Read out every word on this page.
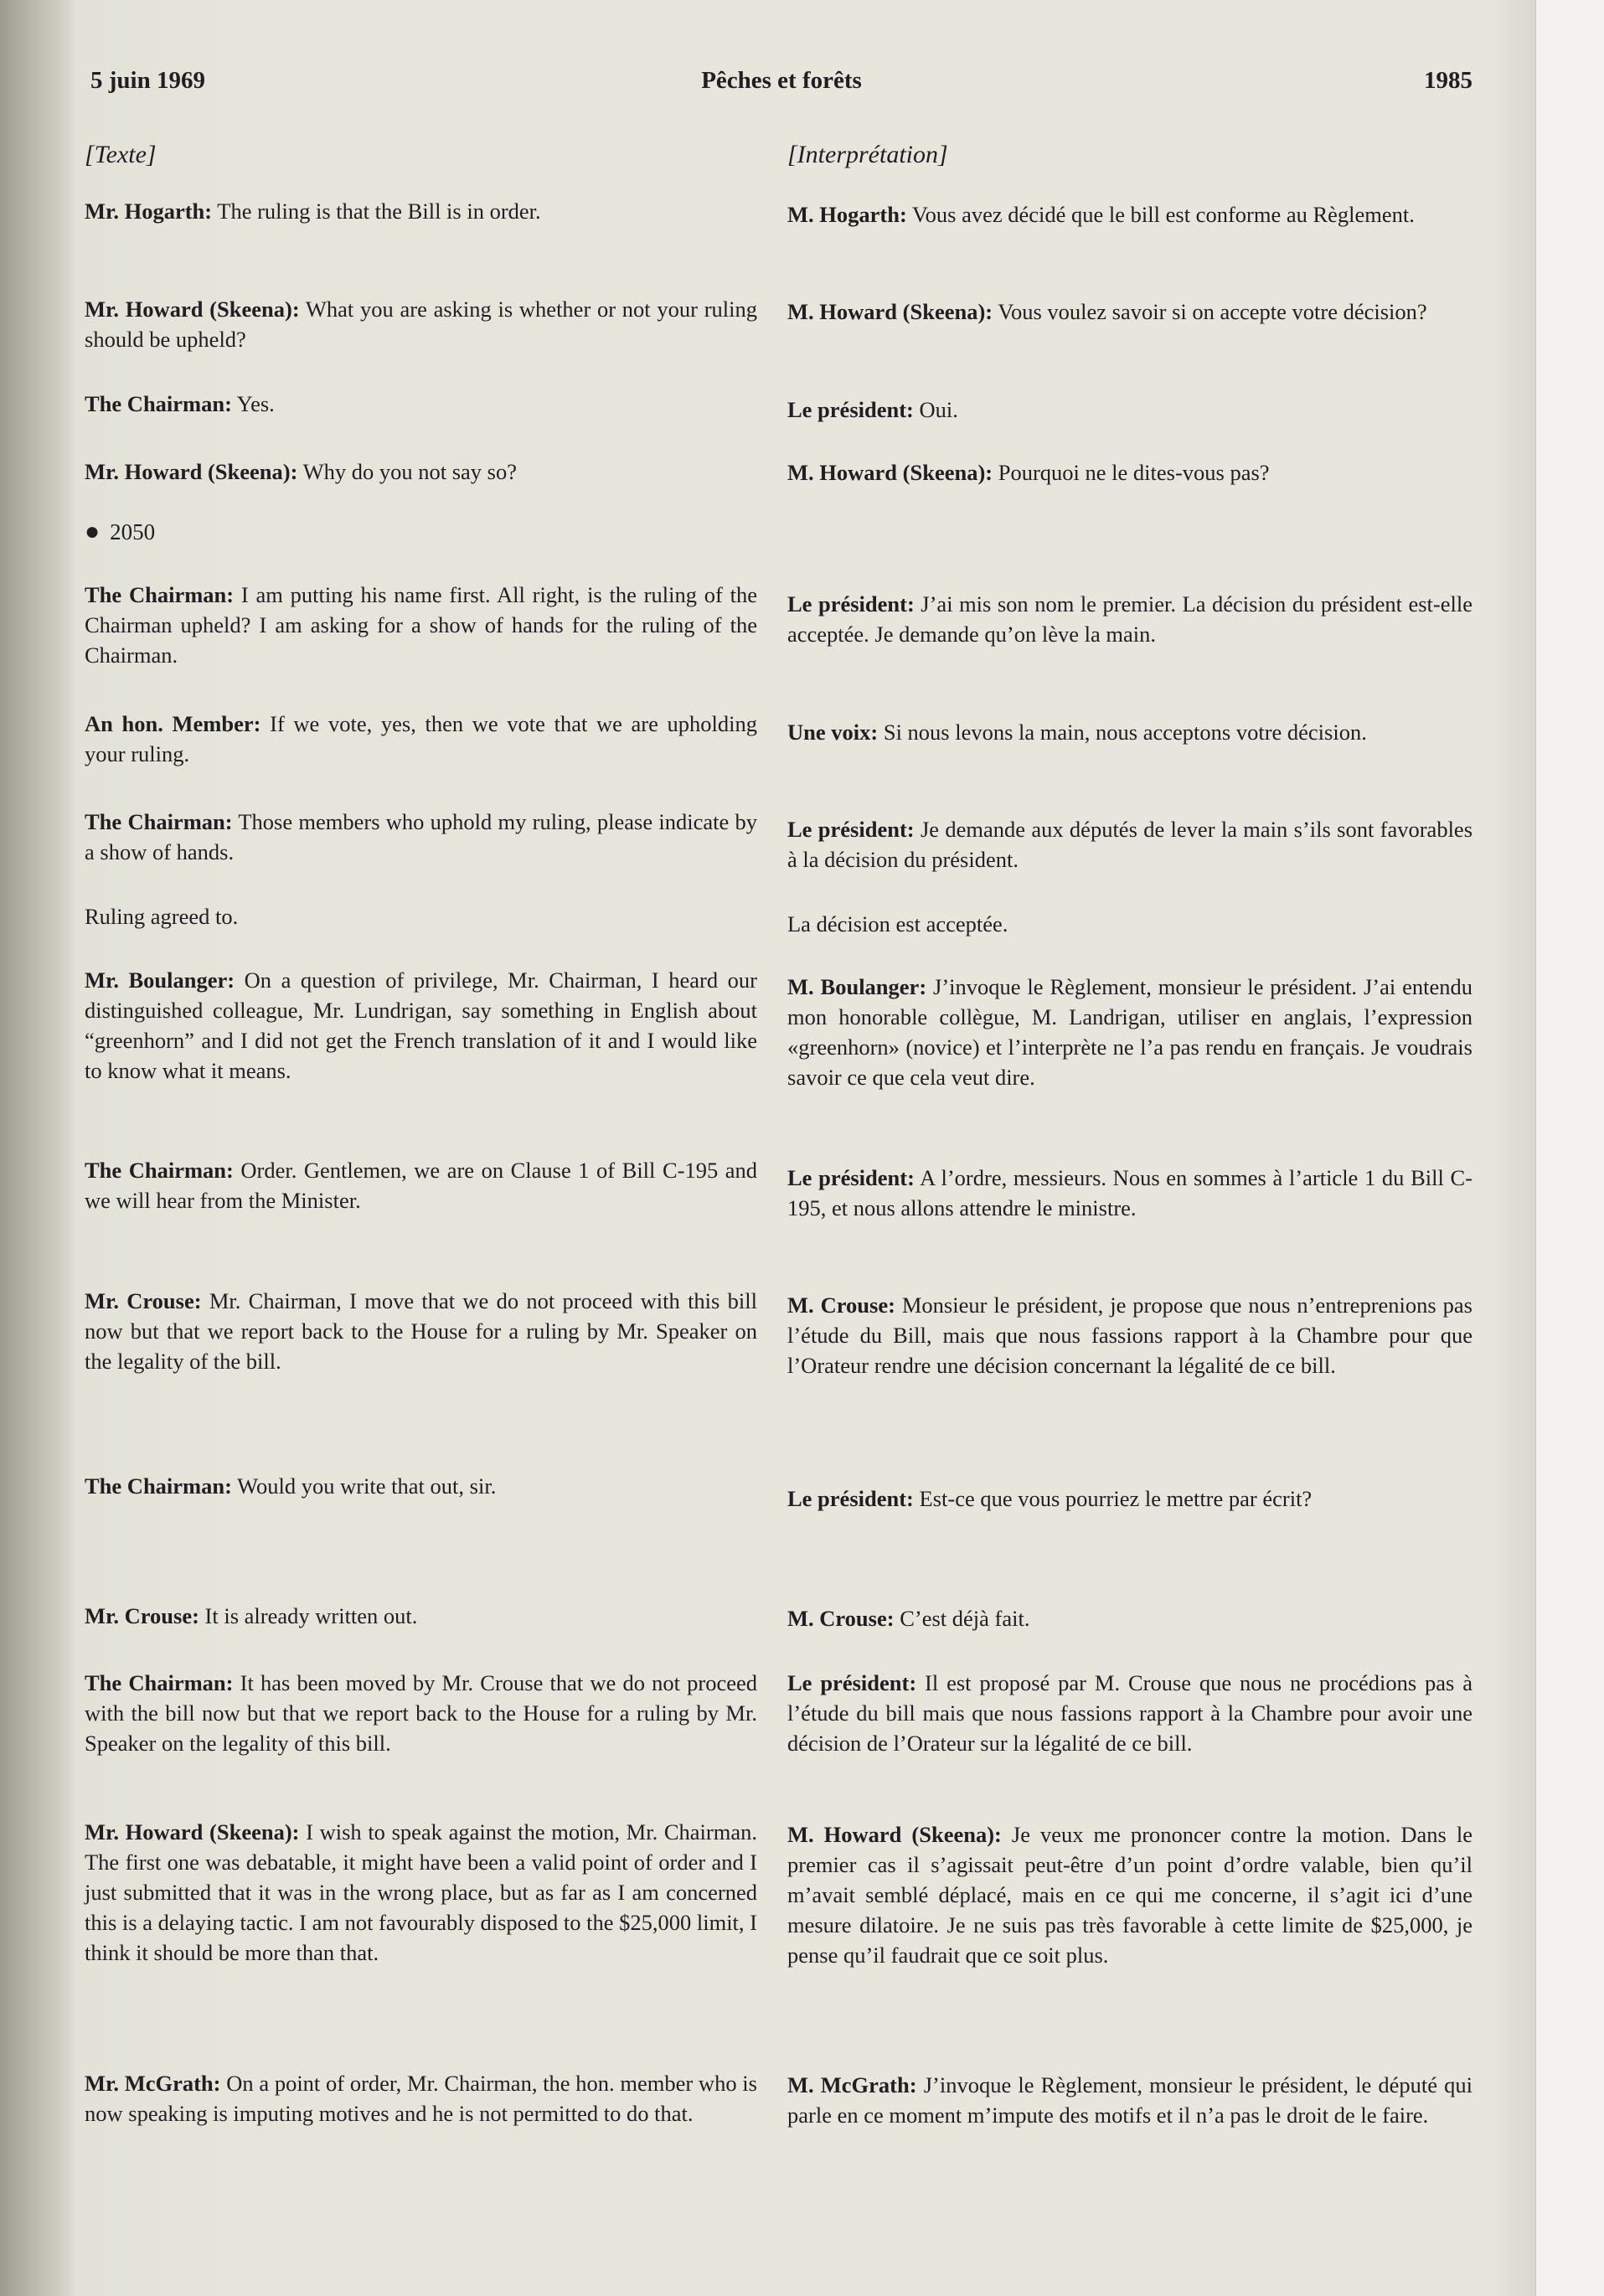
5 juin 1969	Pêches et forêts	1985
[Texte]
Mr. Hogarth: The ruling is that the Bill is in order.
Mr. Howard (Skeena): What you are asking is whether or not your ruling should be upheld?
The Chairman: Yes.
Mr. Howard (Skeena): Why do you not say so?
● 2050
The Chairman: I am putting his name first. All right, is the ruling of the Chairman upheld? I am asking for a show of hands for the ruling of the Chairman.
An hon. Member: If we vote, yes, then we vote that we are upholding your ruling.
The Chairman: Those members who uphold my ruling, please indicate by a show of hands.
Ruling agreed to.
Mr. Boulanger: On a question of privilege, Mr. Chairman, I heard our distinguished colleague, Mr. Lundrigan, say something in English about “greenhorn” and I did not get the French translation of it and I would like to know what it means.
The Chairman: Order. Gentlemen, we are on Clause 1 of Bill C-195 and we will hear from the Minister.
Mr. Crouse: Mr. Chairman, I move that we do not proceed with this bill now but that we report back to the House for a ruling by Mr. Speaker on the legality of the bill.
The Chairman: Would you write that out, sir.
Mr. Crouse: It is already written out.
The Chairman: It has been moved by Mr. Crouse that we do not proceed with the bill now but that we report back to the House for a ruling by Mr. Speaker on the legality of this bill.
Mr. Howard (Skeena): I wish to speak against the motion, Mr. Chairman. The first one was debatable, it might have been a valid point of order and I just submitted that it was in the wrong place, but as far as I am concerned this is a delaying tactic. I am not favourably disposed to the $25,000 limit, I think it should be more than that.
Mr. McGrath: On a point of order, Mr. Chairman, the hon. member who is now speaking is imputing motives and he is not permitted to do that.
[Interprétation]
M. Hogarth: Vous avez décidé que le bill est conforme au Règlement.
M. Howard (Skeena): Vous voulez savoir si on accepte votre décision?
Le président: Oui.
M. Howard (Skeena): Pourquoi ne le dites-vous pas?
Le président: J’ai mis son nom le premier. La décision du président est-elle acceptée. Je demande qu’on lève la main.
Une voix: Si nous levons la main, nous acceptons votre décision.
Le président: Je demande aux députés de lever la main s’ils sont favorables à la décision du président.
La décision est acceptée.
M. Boulanger: J’invoque le Règlement, monsieur le président. J’ai entendu mon honorable collègue, M. Landrigan, utiliser en anglais, l’expression «greenhorn» (novice) et l’interprète ne l’a pas rendu en français. Je voudrais savoir ce que cela veut dire.
Le président: A l’ordre, messieurs. Nous en sommes à l’article 1 du Bill C-195, et nous allons attendre le ministre.
M. Crouse: Monsieur le président, je propose que nous n’entreprenions pas l’étude du Bill, mais que nous fassions rapport à la Chambre pour que l’Orateur rendre une décision concernant la légalité de ce bill.
Le président: Est-ce que vous pourriez le mettre par écrit?
M. Crouse: C’est déjà fait.
Le président: Il est proposé par M. Crouse que nous ne procédions pas à l’étude du bill mais que nous fassions rapport à la Chambre pour avoir une décision de l’Orateur sur la légalité de ce bill.
M. Howard (Skeena): Je veux me prononcer contre la motion. Dans le premier cas il s’agissait peut-être d’un point d’ordre valable, bien qu’il m’avait semblé déplacé, mais en ce qui me concerne, il s’agit ici d’une mesure dilatoire. Je ne suis pas très favorable à cette limite de $25,000, je pense qu’il faudrait que ce soit plus.
M. McGrath: J’invoque le Règlement, monsieur le président, le député qui parle en ce moment m’impute des motifs et il n’a pas le droit de le faire.
